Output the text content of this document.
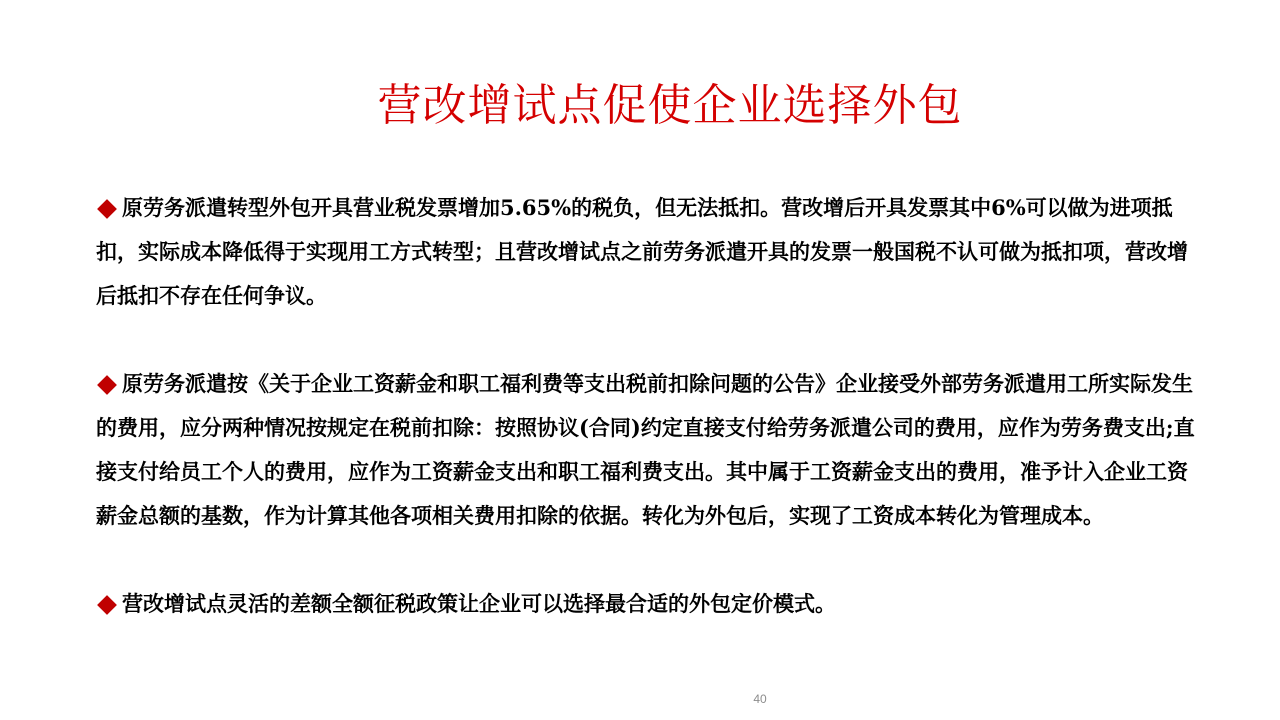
营改增试点促使企业选择外包

原劳务派遣转型外包开具营业税发票增加5.65%的税负，但无法抵扣。营改增后开具发票其中6%可以做为进项抵扣，实际成本降低得于实现用工方式转型；且营改增试点之前劳务派遣开具的发票一般国税不认可做为抵扣项，营改增后抵扣不存在任何争议。

原劳务派遣按《关于企业工资薪金和职工福利费等支出税前扣除问题的公告》企业接受外部劳务派遣用工所实际发生的费用，应分两种情况按规定在税前扣除：按照协议(合同)约定直接支付给劳务派遣公司的费用，应作为劳务费支出;直接支付给员工个人的费用，应作为工资薪金支出和职工福利费支出。其中属于工资薪金支出的费用，准予计入企业工资薪金总额的基数，作为计算其他各项相关费用扣除的依据。转化为外包后，实现了工资成本转化为管理成本。

营改增试点灵活的差额全额征税政策让企业可以选择最合适的外包定价模式。

40
